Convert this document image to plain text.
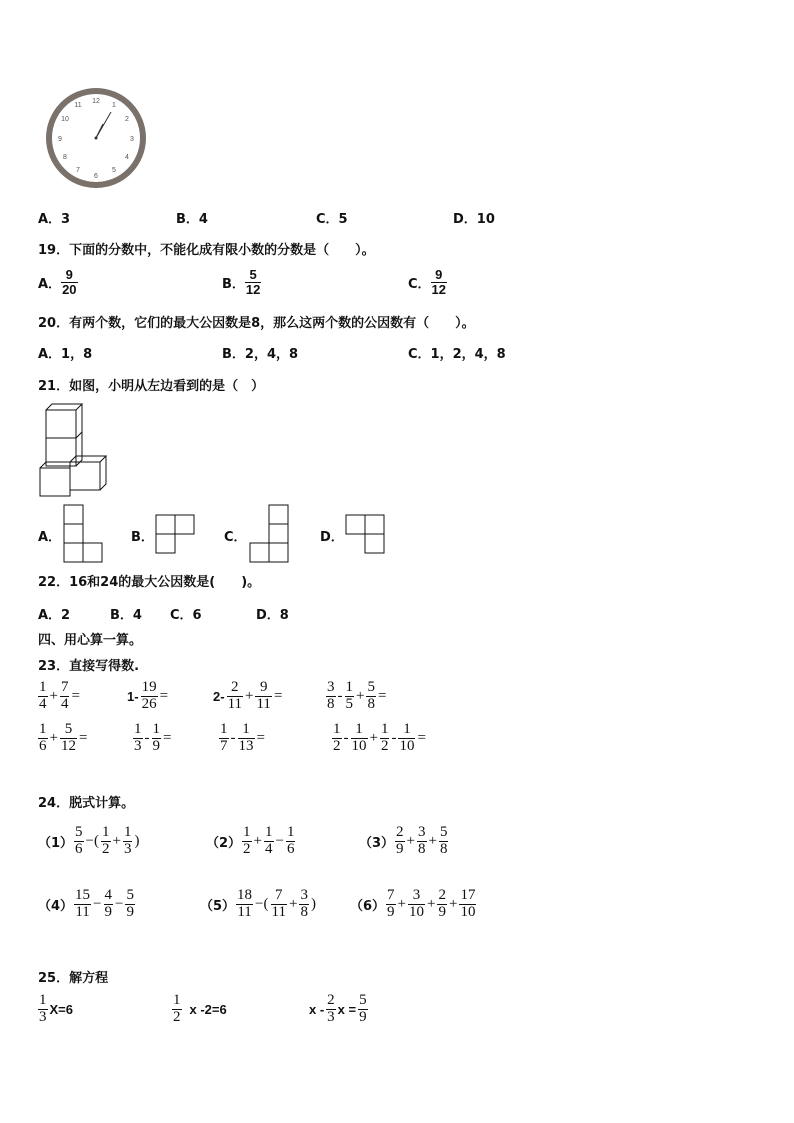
12
1
2
3
4
5
6
7
8
9
10
11
A．3	B．4	C．5	D．10
19．下面的分数中，不能化成有限小数的分数是（　　）。
A． $\frac{9}{20}$	B． $\frac{5}{12}$	C． $\frac{9}{12}$
20．有两个数，它们的最大公因数是8，那么这两个数的公因数有（　　）。
A．1，8	B．2，4，8	C．1，2，4，8
21．如图，小明从左边看到的是（　）
A．	B．	C．	D．
22．16和24的最大公因数是(　　)。
A．2	B．4 C．6	D．8
四、用心算一算。
23．直接写得数.
$\frac{1}{4} + \frac{7}{4}$ =	$1- \frac{19}{26}$ =	$2- \frac{2}{11} + \frac{9}{11}$ =	$\frac{3}{8} - \frac{1}{5} + \frac{5}{8}$ =
$\frac{1}{6} + \frac{5}{12}$ =	$\frac{1}{3} - \frac{1}{9}$ =	$\frac{1}{7} - \frac{1}{13}$ =	$\frac{1}{2} - \frac{1}{10} + \frac{1}{2} - \frac{1}{10}$ =
24．脱式计算。
$(1) \frac{5}{6}$ −( $\frac{1}{2} + \frac{1}{3}$ )	$(2) \frac{1}{2} + \frac{1}{4} - \frac{1}{6}$	$(3) \frac{2}{9} + \frac{3}{8} + \frac{5}{8}$
$(4) \frac{15}{11} - \frac{4}{9} - \frac{5}{9}$	$(5) \frac{18}{11}$ −( $\frac{7}{11} + \frac{3}{8}$ )	$(6) \frac{7}{9} + \frac{3}{10} + \frac{2}{9} + \frac{17}{10}$
25．解方程
$\frac{1}{3} X=6$	$\frac{1}{2}$ x -2=6	x - $\frac{2}{3}$ $x = \frac{5}{9}$
